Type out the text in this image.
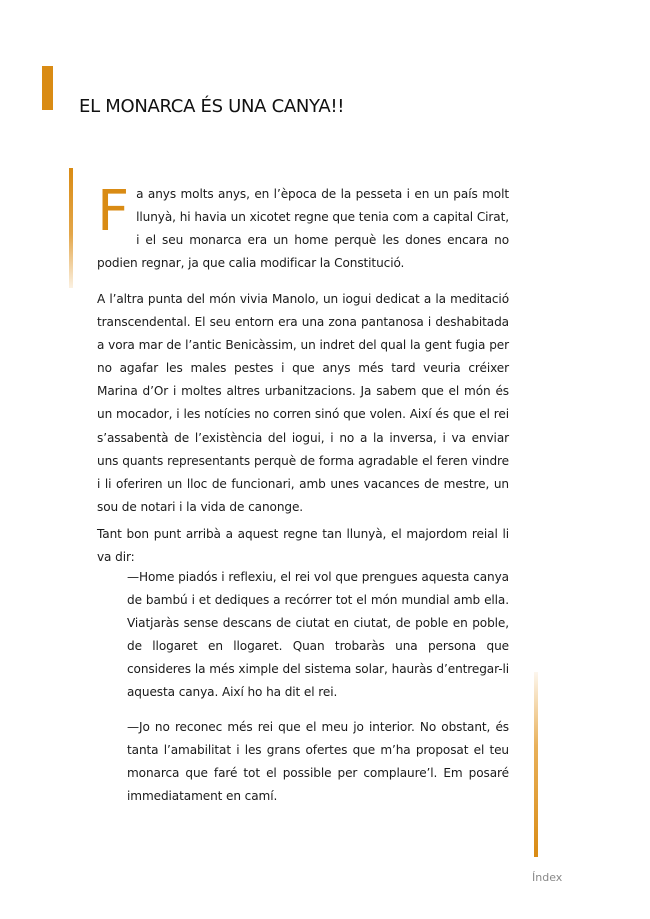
EL MONARCA ÉS UNA CANYA!!

Fa anys molts anys, en l’època de la pesseta i en un país molt llunyà, hi havia un xicotet regne que tenia com a capital Cirat, i el seu monarca era un home perquè les dones encara no podien regnar, ja que calia modificar la Constitució.

A l’altra punta del món vivia Manolo, un iogui dedicat a la meditació transcendental. El seu entorn era una zona pantanosa i deshabitada a vora mar de l’antic Benicàssim, un indret del qual la gent fugia per no agafar les males pestes i que anys més tard veuria créixer Marina d’Or i moltes altres urbanitzacions. Ja sabem que el món és un mocador, i les notícies no corren sinó que volen. Així és que el rei s’assabentà de l’existència del iogui, i no a la inversa, i va enviar uns quants representants perquè de forma agradable el feren vindre i li oferiren un lloc de funcionari, amb unes vacances de mestre, un sou de notari i la vida de canonge.

Tant bon punt arribà a aquest regne tan llunyà, el majordom reial li va dir:

—Home piadós i reflexiu, el rei vol que prengues aquesta canya de bambú i et dediques a recórrer tot el món mundial amb ella. Viatjaràs sense descans de ciutat en ciutat, de poble en poble, de llogaret en llogaret. Quan trobaràs una persona que consideres la més ximple del sistema solar, hauràs d’entregar-li aquesta canya. Així ho ha dit el rei.

—Jo no reconec més rei que el meu jo interior. No obstant, és tanta l’amabilitat i les grans ofertes que m’ha proposat el teu monarca que faré tot el possible per complaure’l. Em posaré immediatament en camí.

Índex
